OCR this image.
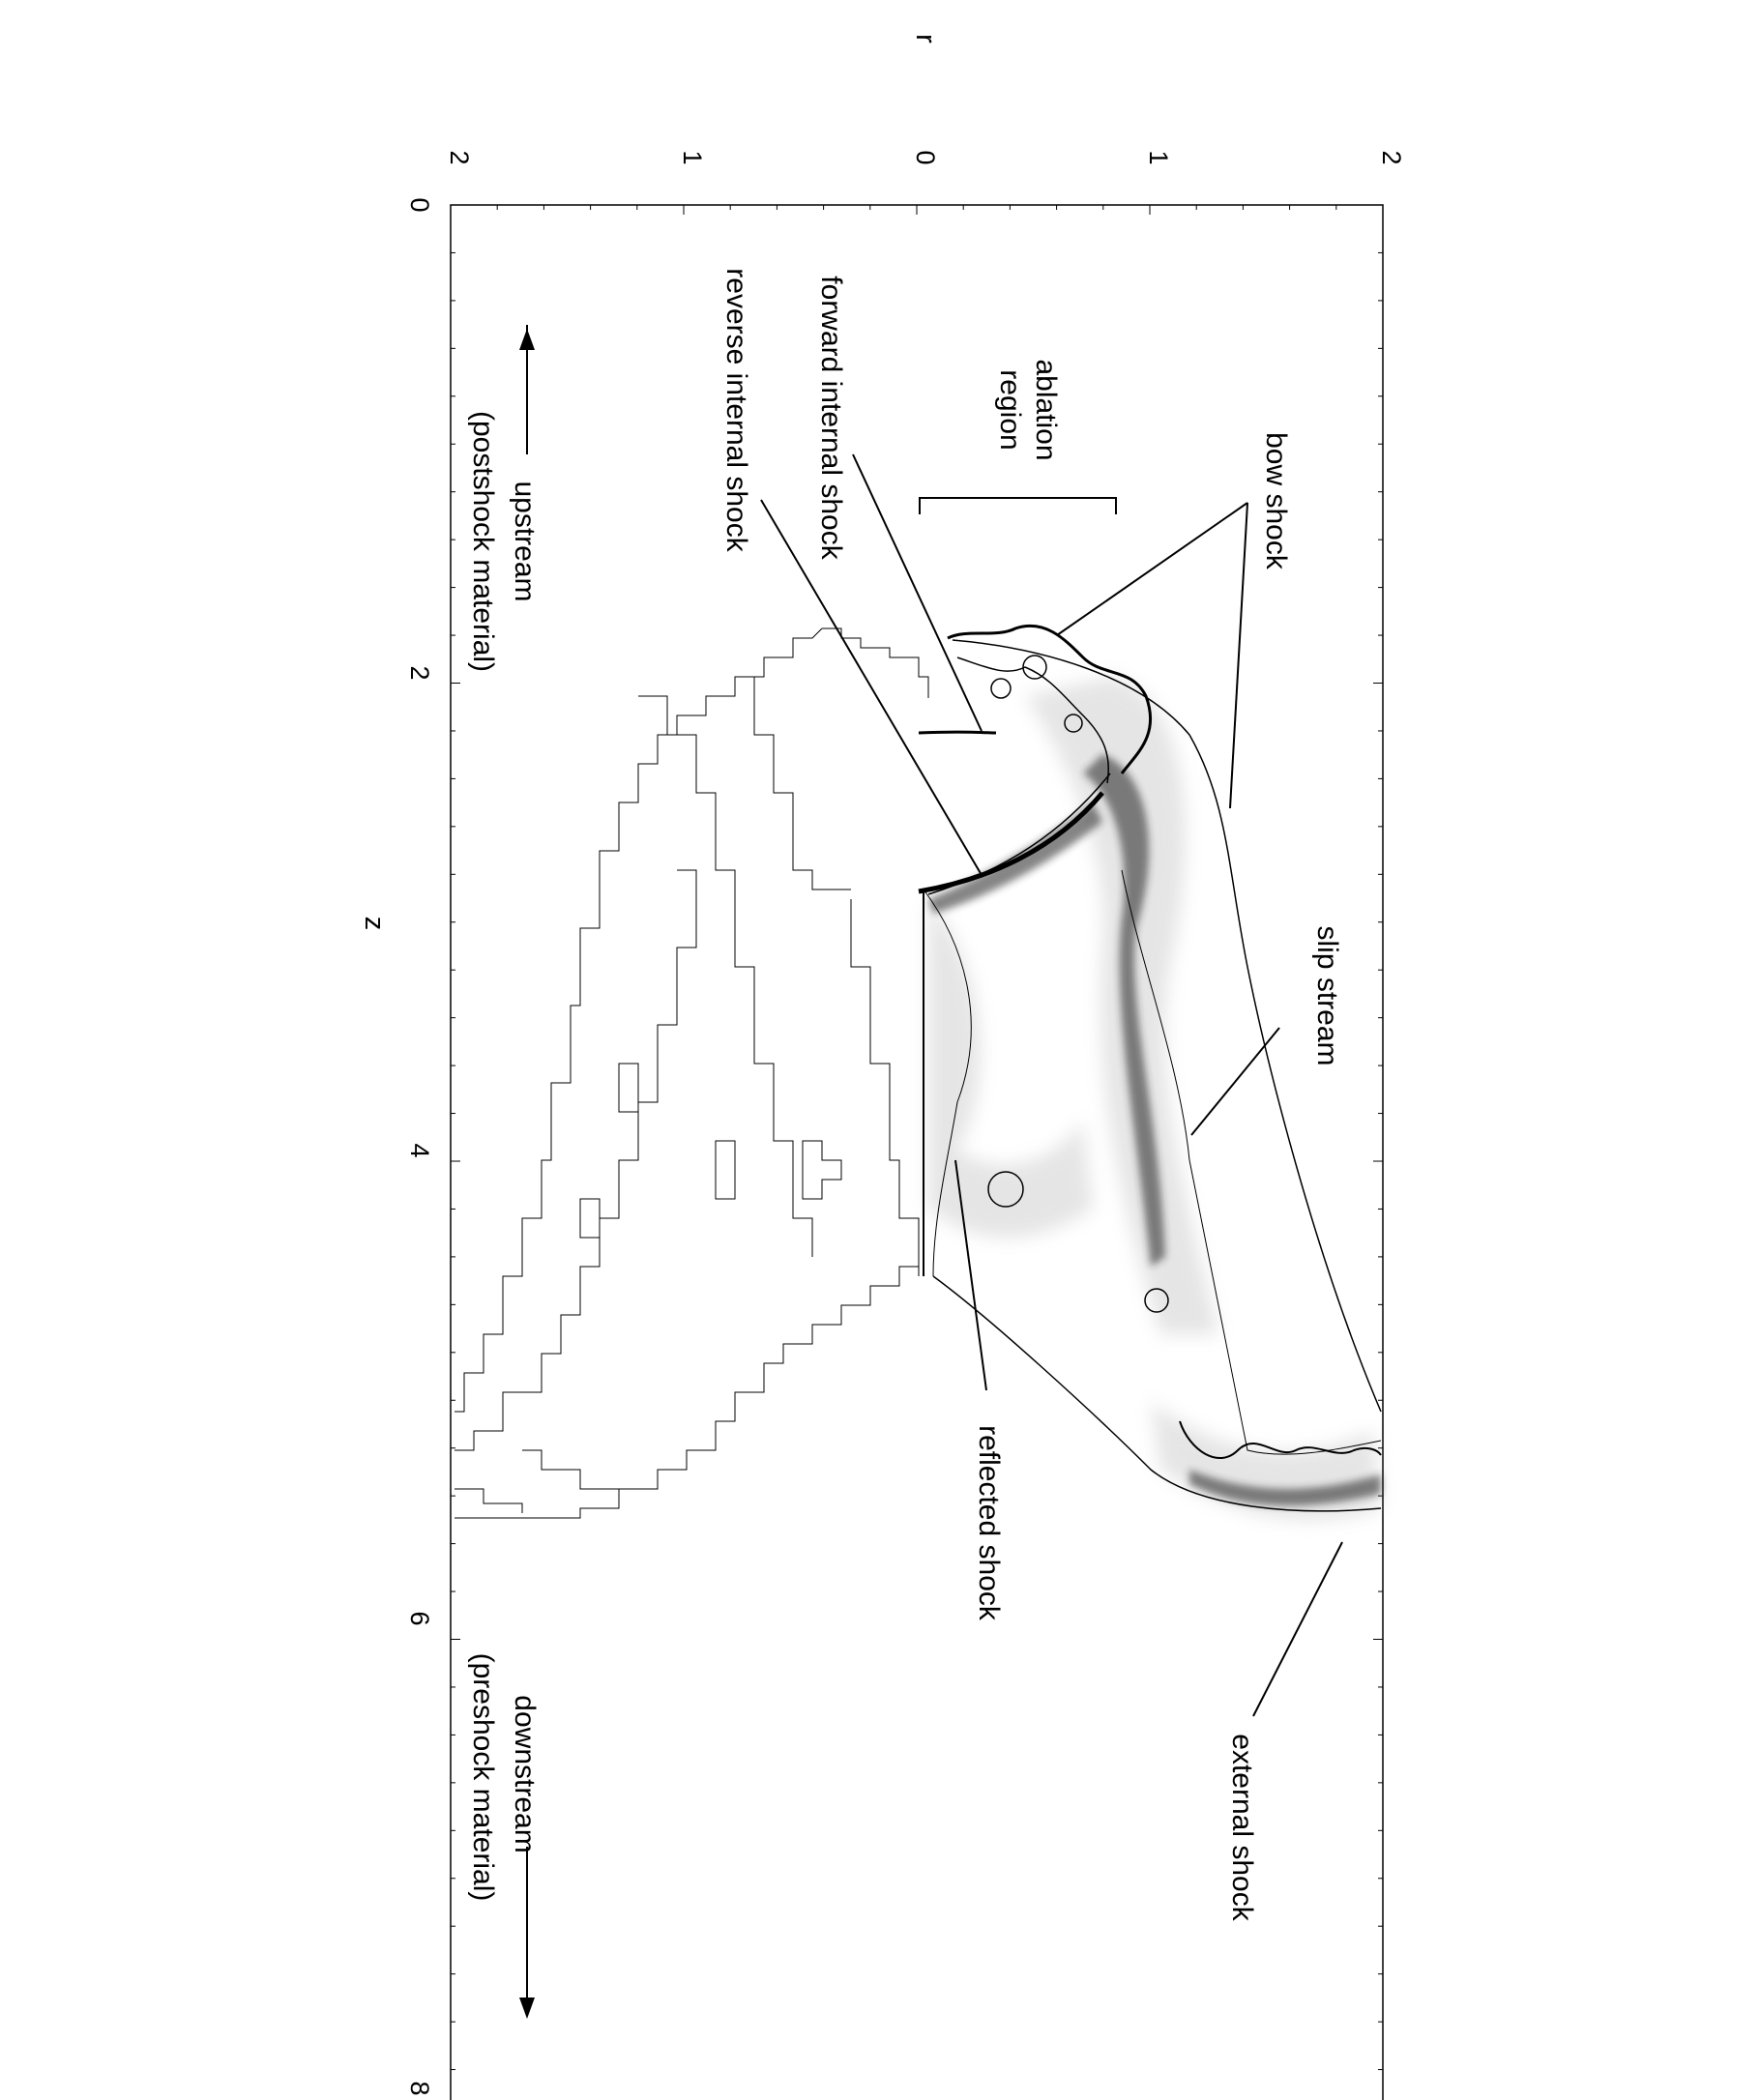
2	1	0	1	2
r
0
2
4
6
8
z
bow shock
ablation
region
forward internal shock
reverse internal shock
slip stream
reflected shock
external shock
upstream
(postshock material)
downstream
(preshock material)
